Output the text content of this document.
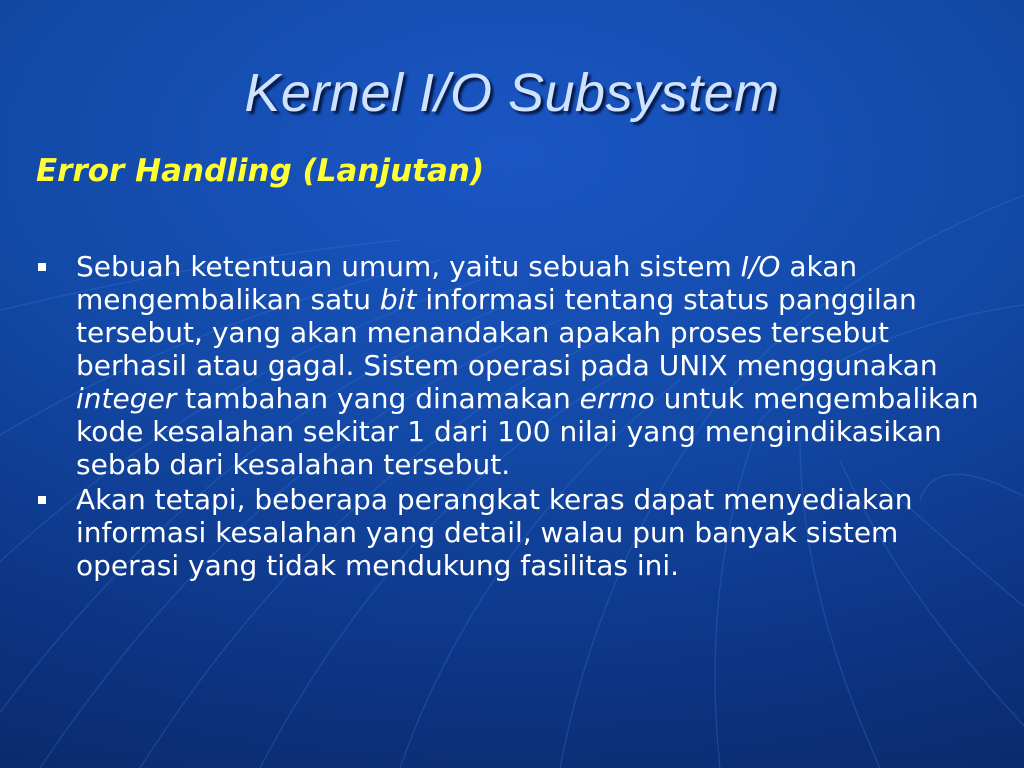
Kernel I/O Subsystem
Error Handling (Lanjutan)
Sebuah ketentuan umum, yaitu sebuah sistem I/O akan mengembalikan satu bit informasi tentang status panggilan tersebut, yang akan menandakan apakah proses tersebut berhasil atau gagal. Sistem operasi pada UNIX menggunakan integer tambahan yang dinamakan errno untuk mengembalikan kode kesalahan sekitar 1 dari 100 nilai yang mengindikasikan sebab dari kesalahan tersebut.
Akan tetapi, beberapa perangkat keras dapat menyediakan informasi kesalahan yang detail, walau pun banyak sistem operasi yang tidak mendukung fasilitas ini.
